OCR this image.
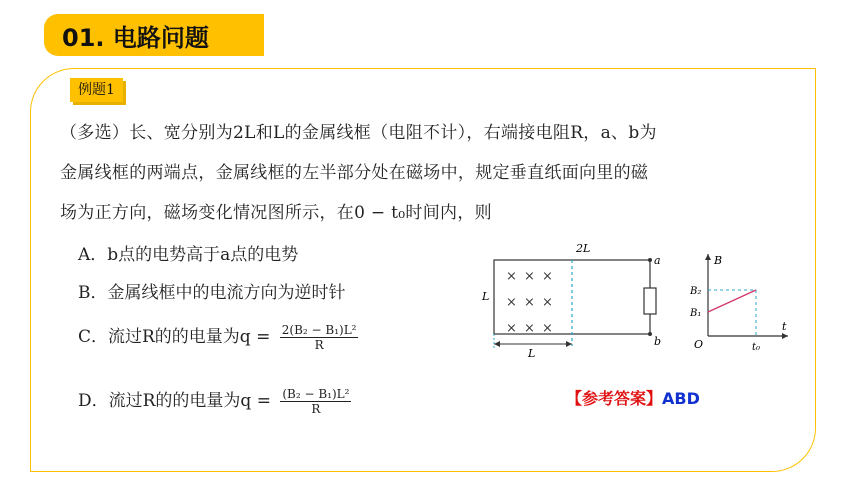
01. 电路问题
例题1
（多选）长、宽分别为2L和L的金属线框（电阻不计），右端接电阻R，a、b为
金属线框的两端点，金属线框的左半部分处在磁场中，规定垂直纸面向里的磁
场为正方向，磁场变化情况图所示，在0 − t₀时间内，则
A．b点的电势高于a点的电势
B．金属线框中的电流方向为逆时针
C．流过R的的电量为$q = \frac{\text{2(B₂ − B₁)L²}}{R}$
D．流过R的的电量为$q = \frac{\text{(B₂ − B₁)L²}}{R}$
2L
a
b
L
× × ×
× × ×
× × ×
L
B
t
O
B₂
B₁
t₀
【参考答案】ABD
